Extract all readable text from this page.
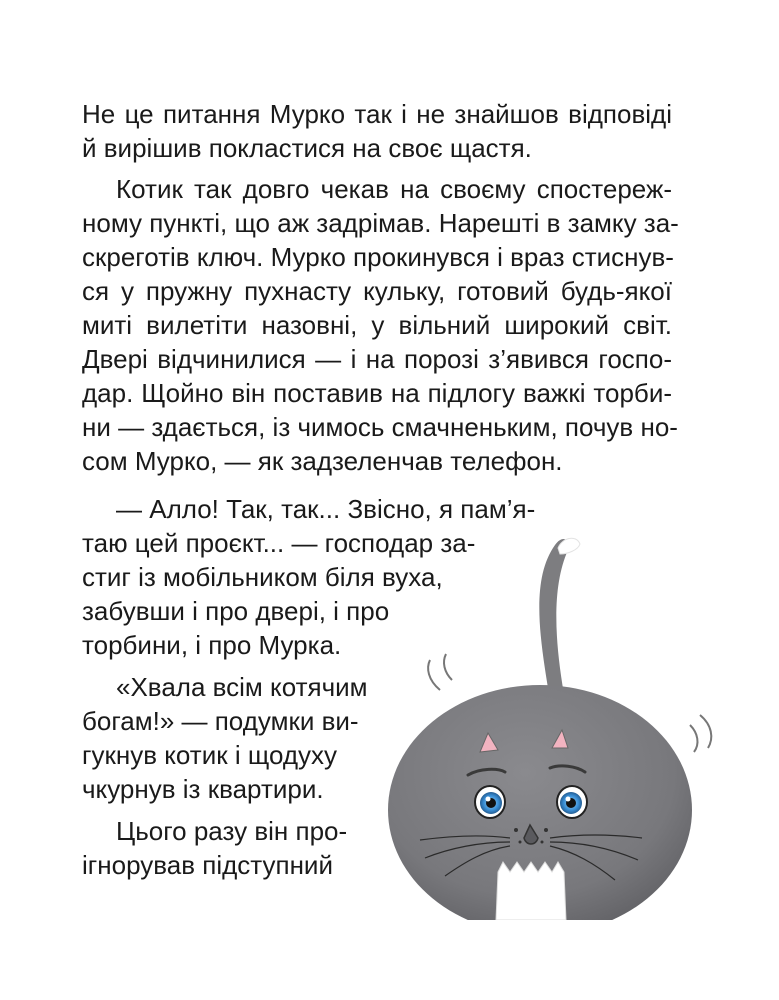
Не це питання Мурко так і не знайшов відповіді
й вирішив покластися на своє щастя.
Котик так довго чекав на своєму спостереж-
ному пункті, що аж задрімав. Нарешті в замку за-
скреготів ключ. Мурко прокинувся і враз стиснув-
ся у пружну пухнасту кульку, готовий будь-якої
миті вилетіти назовні, у вільний широкий світ.
Двері відчинилися — і на порозі з’явився госпо-
дар. Щойно він поставив на підлогу важкі торби-
ни — здається, із чимось смачненьким, почув но-
сом Мурко, — як задзеленчав телефон.
— Алло! Так, так... Звісно, я пам’я-
таю цей проєкт... — господар за-
стиг із мобільником біля вуха,
забувши і про двері, і про
торбини, і про Мурка.
«Хвала всім котячим
богам!» — подумки ви-
гукнув котик і щодуху
чкурнув із квартири.
Цього разу він про-
ігнорував підступний
